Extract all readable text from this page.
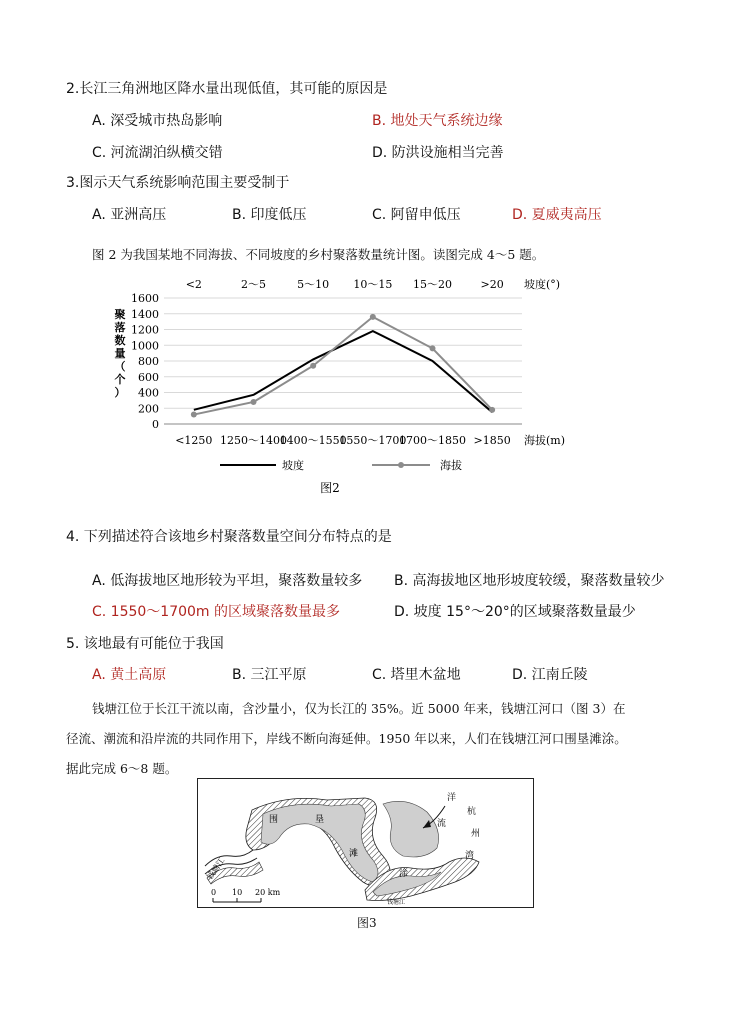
2.长江三角洲地区降水量出现低值，其可能的原因是
A. 深受城市热岛影响	B. 地处天气系统边缘
C. 河流湖泊纵横交错	D. 防洪设施相当完善
3.图示天气系统影响范围主要受制于
A. 亚洲高压	B. 印度低压	C. 阿留申低压	D. 夏威夷高压
图 2 为我国某地不同海拔、不同坡度的乡村聚落数量统计图。读图完成 4～5 题。
0
200
400
600
800
1000
1200
1400
1600
聚
落
数
量
（
个
）
<2	2～5	5～10 10～15 15～20	>20 坡度(°)
<1250 1250～1400
1400～1550
1550～1700
1700～1850 >1850 海拔(m)
坡度	海拔
图2
4. 下列描述符合该地乡村聚落数量空间分布特点的是
A. 低海拔地区地形较为平坦，聚落数量较多 B. 高海拔地区地形坡度较缓，聚落数量较少
C. 1550～1700m 的区域聚落数量最多	D. 坡度 15°～20°的区域聚落数量最少
5. 该地最有可能位于我国
A. 黄土高原	B. 三江平原	C. 塔里木盆地	D. 江南丘陵
钱塘江位于长江干流以南，含沙量小，仅为长江的 35%。近 5000 年来，钱塘江河口（图 3）在
径流、潮流和沿岸流的共同作用下，岸线不断向海延伸。1950 年以来，人们在钱塘江河口围垦滩涂。
据此完成 6～8 题。
围	垦
滩
涂
洋
流
杭
州
湾
钱塘江
钱塘江
0 10 20 km
图3
